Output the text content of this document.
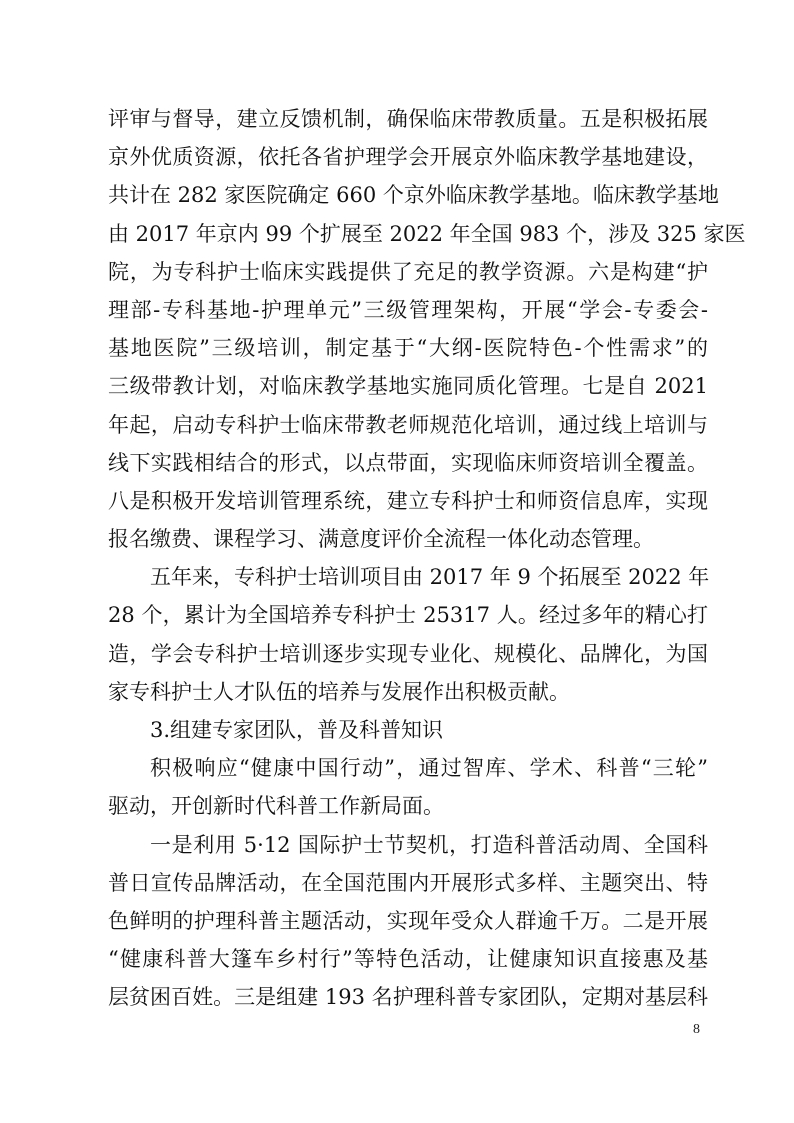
评审与督导，建立反馈机制，确保临床带教质量。五是积极拓展
京外优质资源，依托各省护理学会开展京外临床教学基地建设，
共计在 282 家医院确定 660 个京外临床教学基地。临床教学基地
由 2017 年京内 99 个扩展至 2022 年全国 983 个，涉及 325 家医
院，为专科护士临床实践提供了充足的教学资源。六是构建“护
理部-专科基地-护理单元”三级管理架构，开展“学会-专委会-
基地医院”三级培训，制定基于“大纲-医院特色-个性需求”的
三级带教计划，对临床教学基地实施同质化管理。七是自 2021
年起，启动专科护士临床带教老师规范化培训，通过线上培训与
线下实践相结合的形式，以点带面，实现临床师资培训全覆盖。
八是积极开发培训管理系统，建立专科护士和师资信息库，实现
报名缴费、课程学习、满意度评价全流程一体化动态管理。
五年来，专科护士培训项目由 2017 年 9 个拓展至 2022 年
28 个，累计为全国培养专科护士 25317 人。经过多年的精心打
造，学会专科护士培训逐步实现专业化、规模化、品牌化，为国
家专科护士人才队伍的培养与发展作出积极贡献。
3.组建专家团队，普及科普知识
积极响应“健康中国行动”，通过智库、学术、科普“三轮”
驱动，开创新时代科普工作新局面。
一是利用 5·12 国际护士节契机，打造科普活动周、全国科
普日宣传品牌活动，在全国范围内开展形式多样、主题突出、特
色鲜明的护理科普主题活动，实现年受众人群逾千万。二是开展
“健康科普大篷车乡村行”等特色活动，让健康知识直接惠及基
层贫困百姓。三是组建 193 名护理科普专家团队，定期对基层科
8
